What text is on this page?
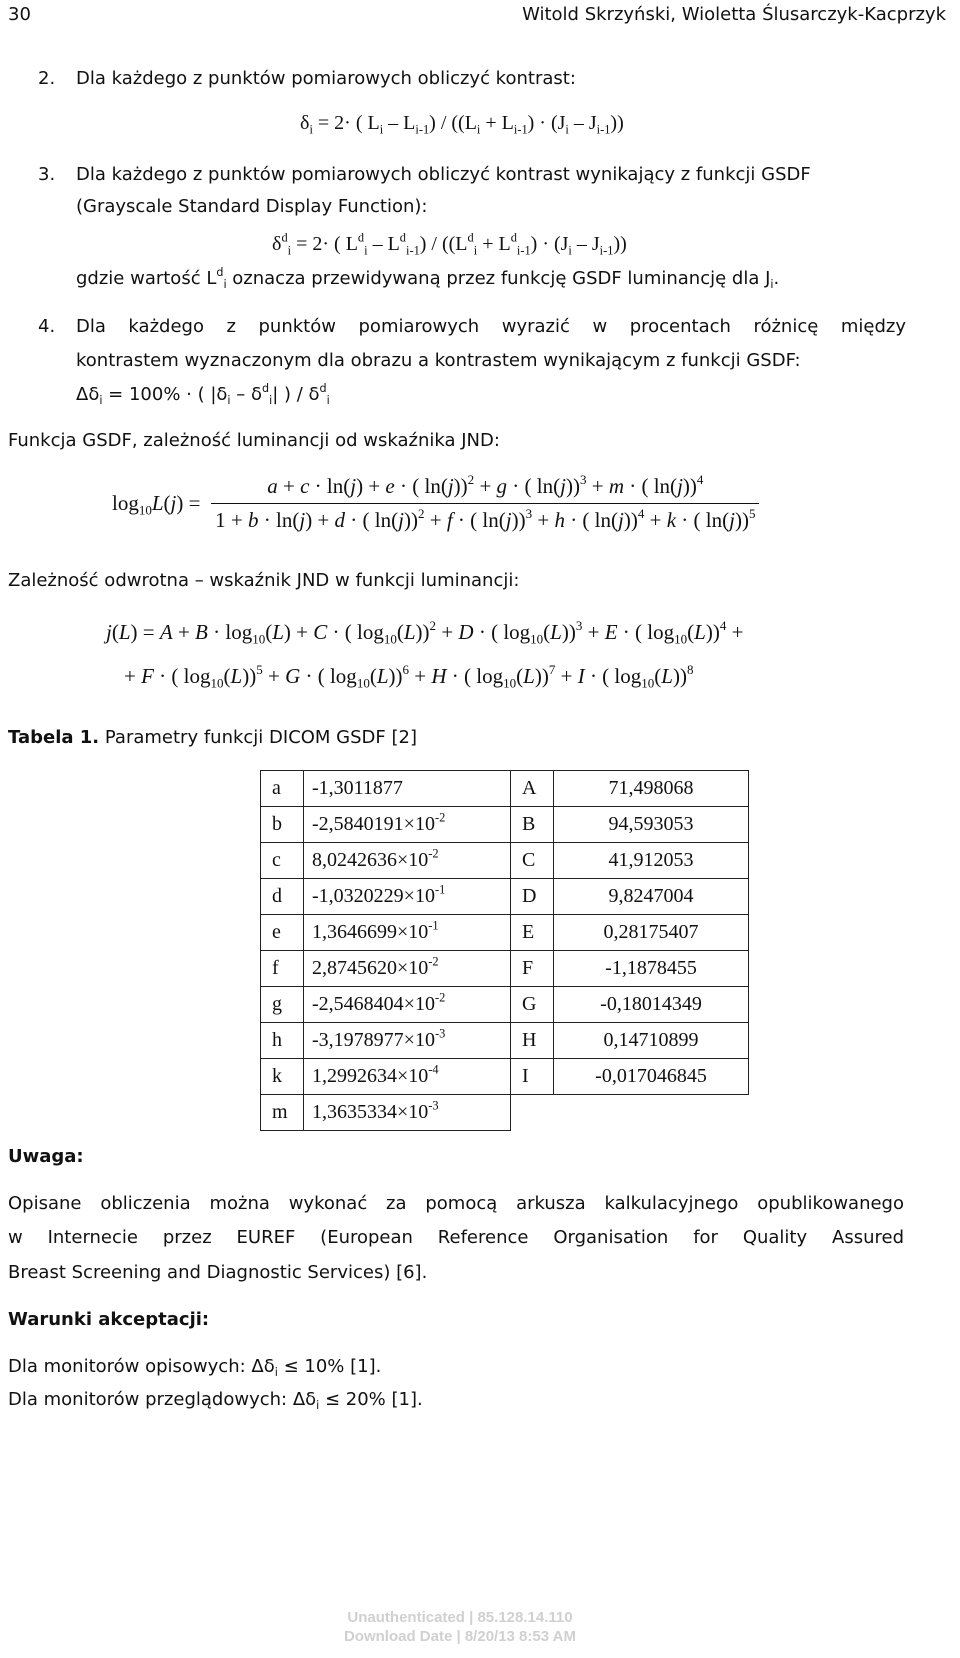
30	Witold Skrzyński, Wioletta Ślusarczyk-Kacprzyk
2. Dla każdego z punktów pomiarowych obliczyć kontrast:
$\delta_i = 2\cdot$ ( $L_i - L_{i-1}) / ((L_i + L_{i-1}) \cdot (J_i - J_{i-1}))$
3. Dla każdego z punktów pomiarowych obliczyć kontrast wynikający z funkcji GSDF
(Grayscale Standard Display Function):
$\delta^d_i = 2\cdot$ ( $L^d_i - L^d_{i-1}) / ((L^d_i + L^d_{i-1}) \cdot (J_i - J_{i-1}))$
gdzie wartość $L^d_i$ oznacza przewidywaną przez funkcję GSDF luminancję dla $J_i$.
4. Dla każdego z punktów pomiarowych wyrazić w procentach różnicę między
kontrastem wyznaczonym dla obrazu a kontrastem wynikającym z funkcji GSDF:
$\Delta\delta_i = 100\%$ · ( $|\delta_i - \delta^d_i|$ ) / $\delta^d_i$
Funkcja GSDF, zależność luminancji od wskaźnika JND:
$\log_{10}L(j)$ =
a + c · ln(j) + e · ( ln(j))$^2$ + g · ( ln(j))$^3$ + m · ( ln(j))$^4$
1 + b · ln(j) + d · ( ln(j))$^2$ + f · ( ln(j))$^3$ + h · ( ln(j))$^4$ + k · ( ln(j))$^5$
Zależność odwrotna – wskaźnik JND w funkcji luminancji:
$j(L) = A + B \cdot \log_{10}(L) + C$ · ( $\log_{10}(L))^2 + D$ · ( $\log_{10}(L))^3 + E$ · ( $\log_{10}(L))^4$ +
+ F · ( $\log_{10}(L))^5 + G$ · ( $\log_{10}(L))^6 + H$ · ( $\log_{10}(L))^7 + I$ · ( $\log_{10}(L))^8$
Tabela 1. Parametry funkcji DICOM GSDF [2]
a	-1,3011877	A	71,498068
b	$-2,5840191\times 10^{-2}$	B	94,593053
c	$8,0242636\times 10^{-2}$	C	41,912053
d	$-1,0320229\times 10^{-1}$	D	9,8247004
e	$1,3646699\times 10^{-1}$	E	0,28175407
f	$2,8745620\times 10^{-2}$	F	-1,1878455
g	$-2,5468404\times 10^{-2}$	G	-0,18014349
h	$-3,1978977\times 10^{-3}$	H	0,14710899
k	$1,2992634\times 10^{-4}$	I	-0,017046845
m	$1,3635334\times 10^{-3}$	
Uwaga:
Opisane obliczenia można wykonać za pomocą arkusza kalkulacyjnego opublikowanego
w Internecie przez EUREF (European Reference Organisation for Quality Assured
Breast Screening and Diagnostic Services) [6].
Warunki akceptacji:
Dla monitorów opisowych: $\Delta\delta_i \le 10\%$ [1].
Dla monitorów przeglądowych: $\Delta\delta_i \le 20\%$ [1].
Unauthenticated | 85.128.14.110
Download Date | 8/20/13 8:53 AM
